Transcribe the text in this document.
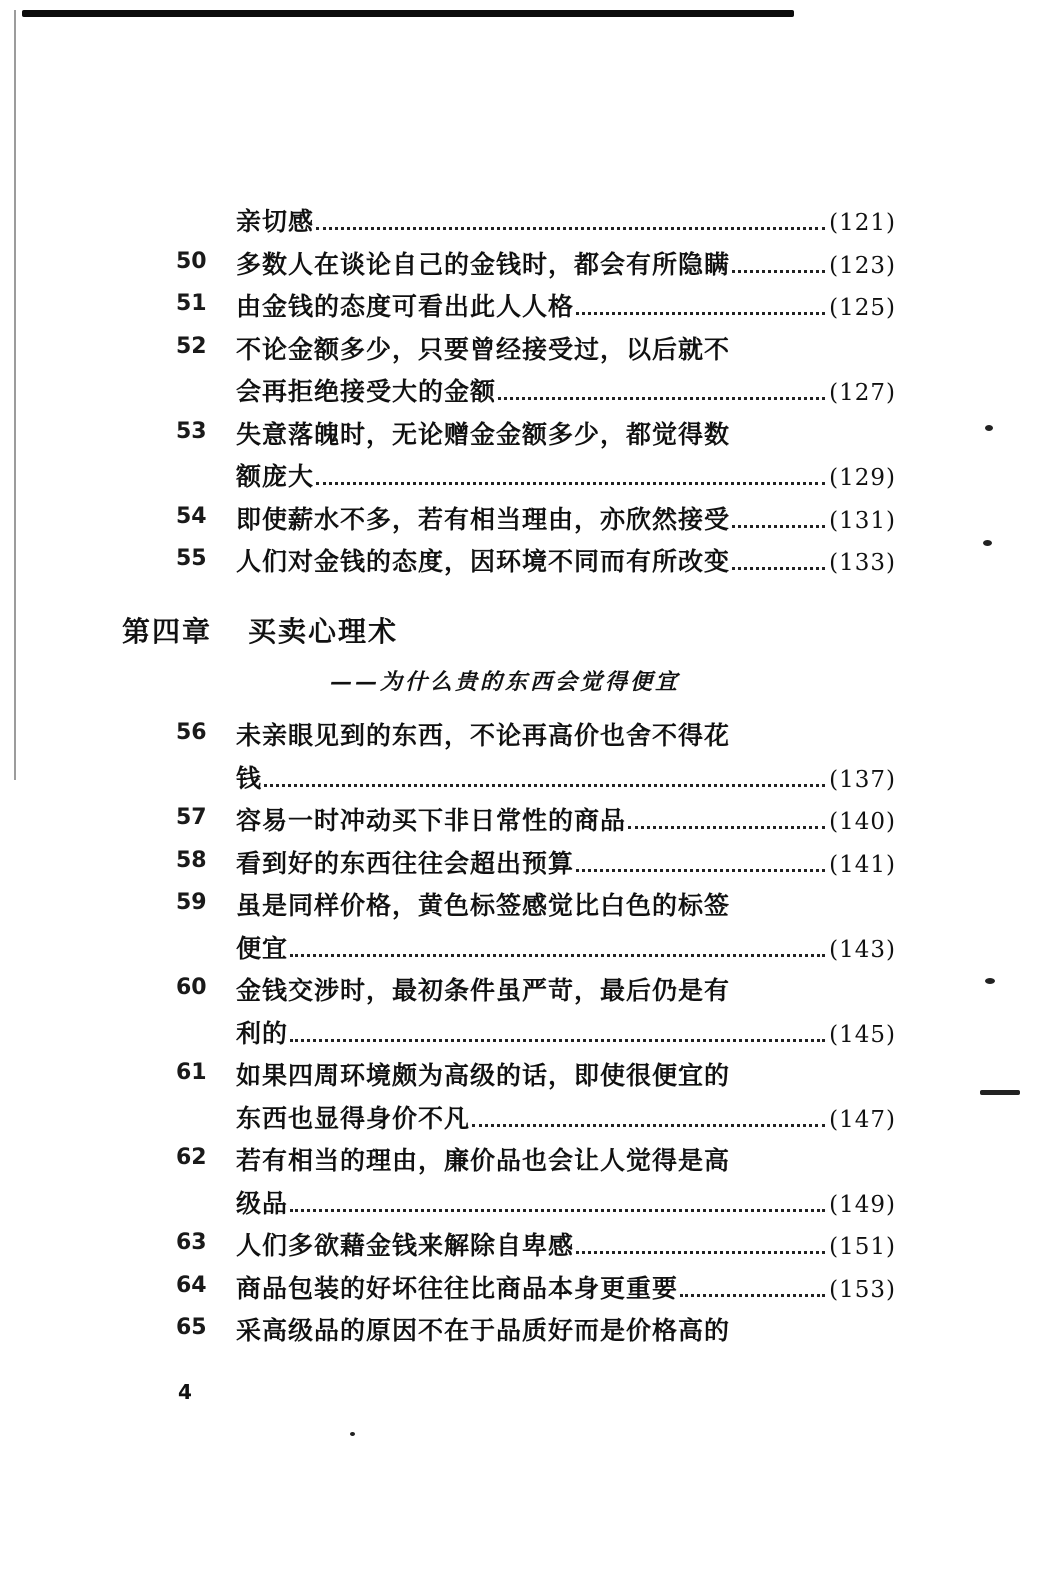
第四章 买卖心理术
——为什么贵的东西会觉得便宜
亲切感	(121)
50	多数人在谈论自己的金钱时，都会有所隐瞒	(123)
51	由金钱的态度可看出此人人格	(125)
52	不论金额多少，只要曾经接受过，以后就不
会再拒绝接受大的金额	(127)
53	失意落魄时，无论赠金金额多少，都觉得数
额庞大	(129)
54	即使薪水不多，若有相当理由，亦欣然接受	(131)
55	人们对金钱的态度，因环境不同而有所改变	(133)
56	未亲眼见到的东西，不论再高价也舍不得花
钱	(137)
57	容易一时冲动买下非日常性的商品	(140)
58	看到好的东西往往会超出预算	(141)
59	虽是同样价格，黄色标签感觉比白色的标签
便宜	(143)
60	金钱交涉时，最初条件虽严苛，最后仍是有
利的	(145)
61	如果四周环境颇为高级的话，即使很便宜的
东西也显得身价不凡	(147)
62	若有相当的理由，廉价品也会让人觉得是高
级品	(149)
63	人们多欲藉金钱来解除自卑感	(151)
64	商品包装的好坏往往比商品本身更重要	(153)
65	采高级品的原因不在于品质好而是价格高的
4
